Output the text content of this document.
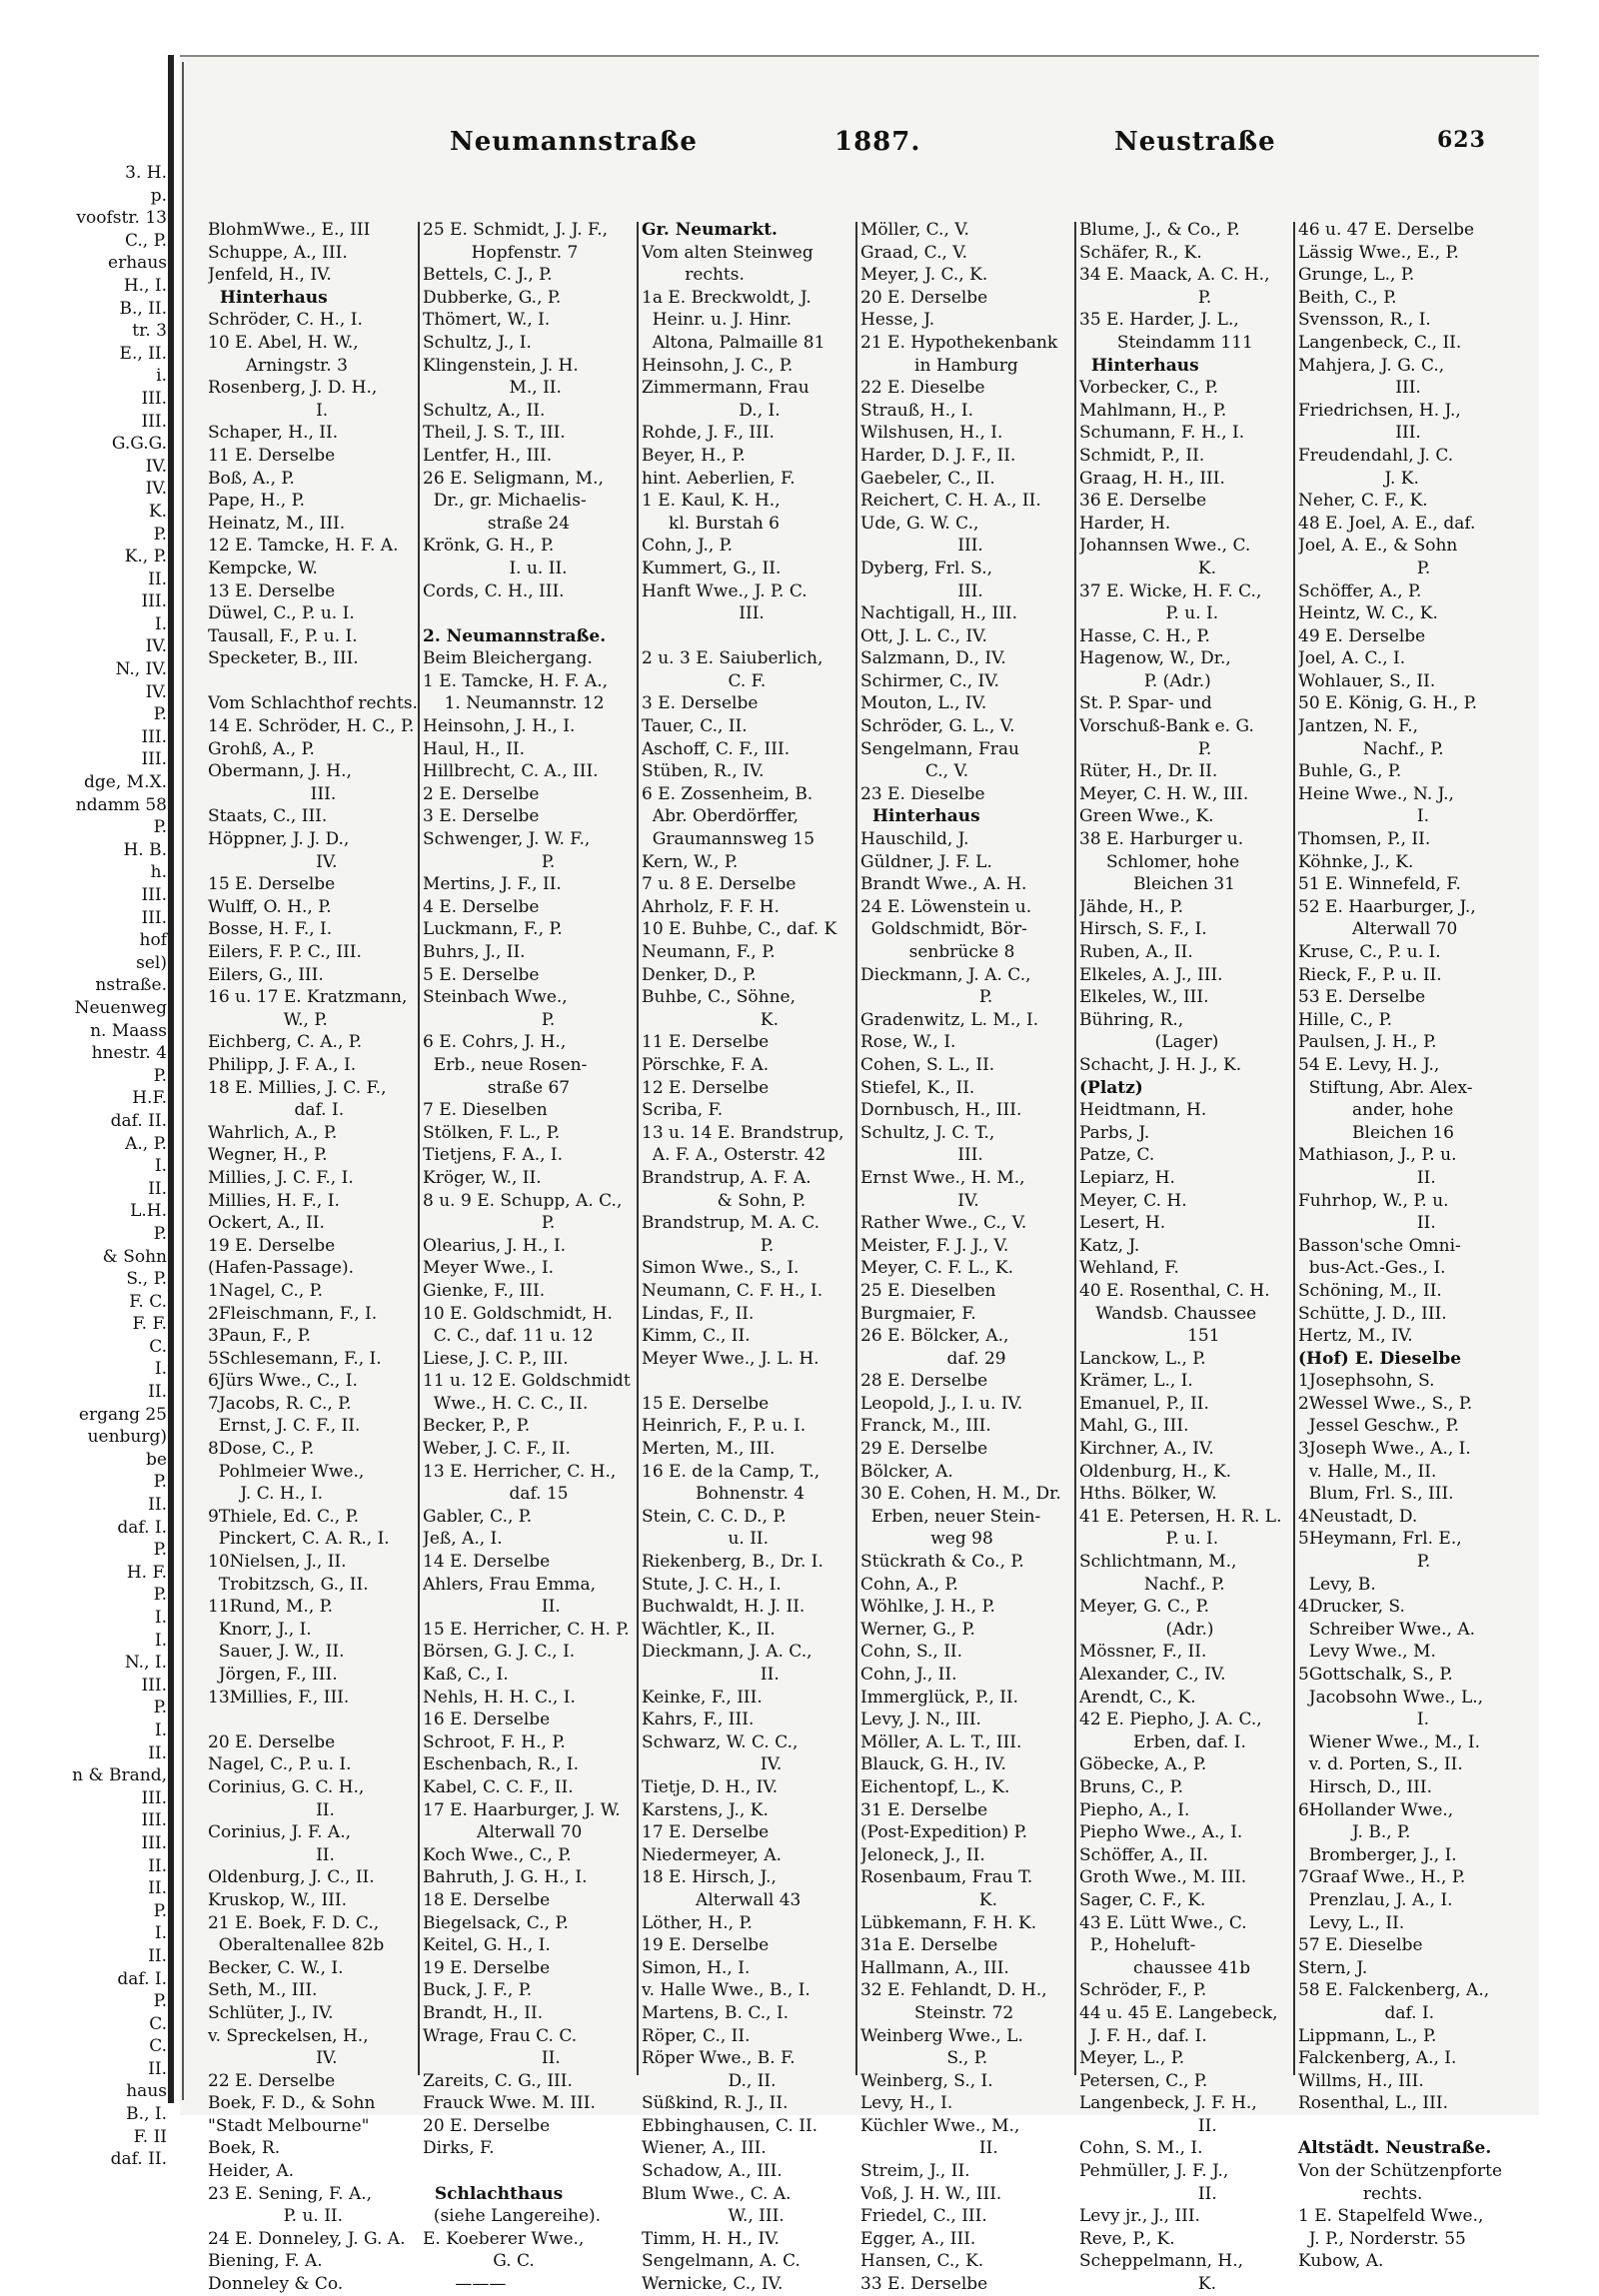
3. H.
p.
voofstr. 13
C., P.
erhaus
H., I.
B., II.
tr. 3
E., II.
i.
III.
III.
G.G.G.
IV.
IV.
K.
P.
K., P.
II.
III.
I.
IV.
N., IV.
IV.
P.
III.
III.
dge, M.X.
ndamm 58
P.
H. B.
h.
III.
III.
hof
sel)
nstraße.
Neuenweg
n. Maass
hnestr. 4
P.
H.F.
daf. II.
A., P.
I.
II.
L.H.
P.
& Sohn
S., P.
F. C.
F. F.
C.
I.
II.
ergang 25
uenburg)
be
P.
II.
daf. I.
P.
H. F.
P.
I.
I.
N., I.
III.
P.
I.
II.
n & Brand,
III.
III.
III.
II.
II.
P.
I.
II.
daf. I.
P.
C.
C.
II.
haus
B., I.
F. II
daf. II.
Neumannstraße	1887.	Neustraße	623
BlohmWwe., E., III
Schuppe, A., III.
Jenfeld, H., IV.
Hinterhaus
Schröder, C. H., I.
10 E. Abel, H. W.,
Arningstr. 3
Rosenberg, J. D. H.,
I.
Schaper, H., II.
11 E. Derselbe
Boß, A., P.
Pape, H., P.
Heinatz, M., III.
12 E. Tamcke, H. F. A.
Kempcke, W.
13 E. Derselbe
Düwel, C., P. u. I.
Tausall, F., P. u. I.
Specketer, B., III.
Vom Schlachthof rechts.
14 E. Schröder, H. C., P.
Grohß, A., P.
Obermann, J. H.,
III.
Staats, C., III.
Höppner, J. J. D.,
IV.
15 E. Derselbe
Wulff, O. H., P.
Bosse, H. F., I.
Eilers, F. P. C., III.
Eilers, G., III.
16 u. 17 E. Kratzmann,
W., P.
Eichberg, C. A., P.
Philipp, J. F. A., I.
18 E. Millies, J. C. F.,
daf. I.
Wahrlich, A., P.
Wegner, H., P.
Millies, J. C. F., I.
Millies, H. F., I.
Ockert, A., II.
19 E. Derselbe
(Hafen-Passage).
1Nagel, C., P.
2Fleischmann, F., I.
3Paun, F., P.
5Schlesemann, F., I.
6Jürs Wwe., C., I.
7Jacobs, R. C., P.
Ernst, J. C. F., II.
8Dose, C., P.
Pohlmeier Wwe.,
J. C. H., I.
9Thiele, Ed. C., P.
Pinckert, C. A. R., I.
10Nielsen, J., II.
Trobitzsch, G., II.
11Rund, M., P.
Knorr, J., I.
Sauer, J. W., II.
Jörgen, F., III.
13Millies, F., III.
20 E. Derselbe
Nagel, C., P. u. I.
Corinius, G. C. H.,
II.
Corinius, J. F. A.,
II.
Oldenburg, J. C., II.
Kruskop, W., III.
21 E. Boek, F. D. C.,
Oberaltenallee 82b
Becker, C. W., I.
Seth, M., III.
Schlüter, J., IV.
v. Spreckelsen, H.,
IV.
22 E. Derselbe
Boek, F. D., & Sohn
"Stadt Melbourne"
Boek, R.
Heider, A.
23 E. Sening, F. A.,
P. u. II.
24 E. Donneley, J. G. A.
Biening, F. A.
Donneley & Co.
25 E. Schmidt, J. J. F.,
Hopfenstr. 7
Bettels, C. J., P.
Dubberke, G., P.
Thömert, W., I.
Schultz, J., I.
Klingenstein, J. H.
M., II.
Schultz, A., II.
Theil, J. S. T., III.
Lentfer, H., III.
26 E. Seligmann, M.,
Dr., gr. Michaelis-
straße 24
Krönk, G. H., P.
I. u. II.
Cords, C. H., III.
2. Neumannstraße.
Beim Bleichergang.
1 E. Tamcke, H. F. A.,
1. Neumannstr. 12
Heinsohn, J. H., I.
Haul, H., II.
Hillbrecht, C. A., III.
2 E. Derselbe
3 E. Derselbe
Schwenger, J. W. F.,
P.
Mertins, J. F., II.
4 E. Derselbe
Luckmann, F., P.
Buhrs, J., II.
5 E. Derselbe
Steinbach Wwe.,
P.
6 E. Cohrs, J. H.,
Erb., neue Rosen-
straße 67
7 E. Dieselben
Stölken, F. L., P.
Tietjens, F. A., I.
Kröger, W., II.
8 u. 9 E. Schupp, A. C.,
P.
Olearius, J. H., I.
Meyer Wwe., I.
Gienke, F., III.
10 E. Goldschmidt, H.
C. C., daf. 11 u. 12
Liese, J. C. P., III.
11 u. 12 E. Goldschmidt
Wwe., H. C. C., II.
Becker, P., P.
Weber, J. C. F., II.
13 E. Herricher, C. H.,
daf. 15
Gabler, C., P.
Jeß, A., I.
14 E. Derselbe
Ahlers, Frau Emma,
II.
15 E. Herricher, C. H. P.
Börsen, G. J. C., I.
Kaß, C., I.
Nehls, H. H. C., I.
16 E. Derselbe
Schroot, F. H., P.
Eschenbach, R., I.
Kabel, C. C. F., II.
17 E. Haarburger, J. W.
Alterwall 70
Koch Wwe., C., P.
Bahruth, J. G. H., I.
18 E. Derselbe
Biegelsack, C., P.
Keitel, G. H., I.
19 E. Derselbe
Buck, J. F., P.
Brandt, H., II.
Wrage, Frau C. C.
II.
Zareits, C. G., III.
Frauck Wwe. M. III.
20 E. Derselbe
Dirks, F.
Schlachthaus
(siehe Langereihe).
E. Koeberer Wwe.,
G. C.
———
Gr. Neumarkt.
Vom alten Steinweg
rechts.
1a E. Breckwoldt, J.
Heinr. u. J. Hinr.
Altona, Palmaille 81
Heinsohn, J. C., P.
Zimmermann, Frau
D., I.
Rohde, J. F., III.
Beyer, H., P.
hint. Aeberlien, F.
1 E. Kaul, K. H.,
kl. Burstah 6
Cohn, J., P.
Kummert, G., II.
Hanft Wwe., J. P. C.
III.
2 u. 3 E. Saiuberlich,
C. F.
3 E. Derselbe
Tauer, C., II.
Aschoff, C. F., III.
Stüben, R., IV.
6 E. Zossenheim, B.
Abr. Oberdörffer,
Graumannsweg 15
Kern, W., P.
7 u. 8 E. Derselbe
Ahrholz, F. F. H.
10 E. Buhbe, C., daf. K
Neumann, F., P.
Denker, D., P.
Buhbe, C., Söhne,
K.
11 E. Derselbe
Pörschke, F. A.
12 E. Derselbe
Scriba, F.
13 u. 14 E. Brandstrup,
A. F. A., Osterstr. 42
Brandstrup, A. F. A.
& Sohn, P.
Brandstrup, M. A. C.
P.
Simon Wwe., S., I.
Neumann, C. F. H., I.
Lindas, F., II.
Kimm, C., II.
Meyer Wwe., J. L. H.
15 E. Derselbe
Heinrich, F., P. u. I.
Merten, M., III.
16 E. de la Camp, T.,
Bohnenstr. 4
Stein, C. C. D., P.
u. II.
Riekenberg, B., Dr. I.
Stute, J. C. H., I.
Buchwaldt, H. J. II.
Wächtler, K., II.
Dieckmann, J. A. C.,
II.
Keinke, F., III.
Kahrs, F., III.
Schwarz, W. C. C.,
IV.
Tietje, D. H., IV.
Karstens, J., K.
17 E. Derselbe
Niedermeyer, A.
18 E. Hirsch, J.,
Alterwall 43
Löther, H., P.
19 E. Derselbe
Simon, H., I.
v. Halle Wwe., B., I.
Martens, B. C., I.
Röper, C., II.
Röper Wwe., B. F.
D., II.
Süßkind, R. J., II.
Ebbinghausen, C. II.
Wiener, A., III.
Schadow, A., III.
Blum Wwe., C. A.
W., III.
Timm, H. H., IV.
Sengelmann, A. C.
Wernicke, C., IV.
Möller, C., V.
Graad, C., V.
Meyer, J. C., K.
20 E. Derselbe
Hesse, J.
21 E. Hypothekenbank
in Hamburg
22 E. Dieselbe
Strauß, H., I.
Wilshusen, H., I.
Harder, D. J. F., II.
Gaebeler, C., II.
Reichert, C. H. A., II.
Ude, G. W. C.,
III.
Dyberg, Frl. S.,
III.
Nachtigall, H., III.
Ott, J. L. C., IV.
Salzmann, D., IV.
Schirmer, C., IV.
Mouton, L., IV.
Schröder, G. L., V.
Sengelmann, Frau
C., V.
23 E. Dieselbe
Hinterhaus
Hauschild, J.
Güldner, J. F. L.
Brandt Wwe., A. H.
24 E. Löwenstein u.
Goldschmidt, Bör-
senbrücke 8
Dieckmann, J. A. C.,
P.
Gradenwitz, L. M., I.
Rose, W., I.
Cohen, S. L., II.
Stiefel, K., II.
Dornbusch, H., III.
Schultz, J. C. T.,
III.
Ernst Wwe., H. M.,
IV.
Rather Wwe., C., V.
Meister, F. J. J., V.
Meyer, C. F. L., K.
25 E. Dieselben
Burgmaier, F.
26 E. Bölcker, A.,
daf. 29
28 E. Derselbe
Leopold, J., I. u. IV.
Franck, M., III.
29 E. Derselbe
Bölcker, A.
30 E. Cohen, H. M., Dr.
Erben, neuer Stein-
weg 98
Stückrath & Co., P.
Cohn, A., P.
Wöhlke, J. H., P.
Werner, G., P.
Cohn, S., II.
Cohn, J., II.
Immerglück, P., II.
Levy, J. N., III.
Möller, A. L. T., III.
Blauck, G. H., IV.
Eichentopf, L., K.
31 E. Derselbe
(Post-Expedition) P.
Jeloneck, J., II.
Rosenbaum, Frau T.
K.
Lübkemann, F. H. K.
31a E. Derselbe
Hallmann, A., III.
32 E. Fehlandt, D. H.,
Steinstr. 72
Weinberg Wwe., L.
S., P.
Weinberg, S., I.
Levy, H., I.
Küchler Wwe., M.,
II.
Streim, J., II.
Voß, J. H. W., III.
Friedel, C., III.
Egger, A., III.
Hansen, C., K.
33 E. Derselbe
Blume, J., & Co., P.
Schäfer, R., K.
34 E. Maack, A. C. H.,
P.
35 E. Harder, J. L.,
Steindamm 111
Hinterhaus
Vorbecker, C., P.
Mahlmann, H., P.
Schumann, F. H., I.
Schmidt, P., II.
Graag, H. H., III.
36 E. Derselbe
Harder, H.
Johannsen Wwe., C.
K.
37 E. Wicke, H. F. C.,
P. u. I.
Hasse, C. H., P.
Hagenow, W., Dr.,
P. (Adr.)
St. P. Spar- und
Vorschuß-Bank e. G.
P.
Rüter, H., Dr. II.
Meyer, C. H. W., III.
Green Wwe., K.
38 E. Harburger u.
Schlomer, hohe
Bleichen 31
Jähde, H., P.
Hirsch, S. F., I.
Ruben, A., II.
Elkeles, A. J., III.
Elkeles, W., III.
Bühring, R.,
(Lager)
Schacht, J. H. J., K.
(Platz)
Heidtmann, H.
Parbs, J.
Patze, C.
Lepiarz, H.
Meyer, C. H.
Lesert, H.
Katz, J.
Wehland, F.
40 E. Rosenthal, C. H.
Wandsb. Chaussee
151
Lanckow, L., P.
Krämer, L., I.
Emanuel, P., II.
Mahl, G., III.
Kirchner, A., IV.
Oldenburg, H., K.
Hths. Bölker, W.
41 E. Petersen, H. R. L.
P. u. I.
Schlichtmann, M.,
Nachf., P.
Meyer, G. C., P.
(Adr.)
Mössner, F., II.
Alexander, C., IV.
Arendt, C., K.
42 E. Piepho, J. A. C.,
Erben, daf. I.
Göbecke, A., P.
Bruns, C., P.
Piepho, A., I.
Piepho Wwe., A., I.
Schöffer, A., II.
Groth Wwe., M. III.
Sager, C. F., K.
43 E. Lütt Wwe., C.
P., Hoheluft-
chaussee 41b
Schröder, F., P.
44 u. 45 E. Langebeck,
J. F. H., daf. I.
Meyer, L., P.
Petersen, C., P.
Langenbeck, J. F. H.,
II.
Cohn, S. M., I.
Pehmüller, J. F. J.,
II.
Levy jr., J., III.
Reve, P., K.
Scheppelmann, H.,
K.
46 u. 47 E. Derselbe
Lässig Wwe., E., P.
Grunge, L., P.
Beith, C., P.
Svensson, R., I.
Langenbeck, C., II.
Mahjera, J. G. C.,
III.
Friedrichsen, H. J.,
III.
Freudendahl, J. C.
J. K.
Neher, C. F., K.
48 E. Joel, A. E., daf.
Joel, A. E., & Sohn
P.
Schöffer, A., P.
Heintz, W. C., K.
49 E. Derselbe
Joel, A. C., I.
Wohlauer, S., II.
50 E. König, G. H., P.
Jantzen, N. F.,
Nachf., P.
Buhle, G., P.
Heine Wwe., N. J.,
I.
Thomsen, P., II.
Köhnke, J., K.
51 E. Winnefeld, F.
52 E. Haarburger, J.,
Alterwall 70
Kruse, C., P. u. I.
Rieck, F., P. u. II.
53 E. Derselbe
Hille, C., P.
Paulsen, J. H., P.
54 E. Levy, H. J.,
Stiftung, Abr. Alex-
ander, hohe
Bleichen 16
Mathiason, J., P. u.
II.
Fuhrhop, W., P. u.
II.
Basson'sche Omni-
bus-Act.-Ges., I.
Schöning, M., II.
Schütte, J. D., III.
Hertz, M., IV.
(Hof) E. Dieselbe
1Josephsohn, S.
2Wessel Wwe., S., P.
Jessel Geschw., P.
3Joseph Wwe., A., I.
v. Halle, M., II.
Blum, Frl. S., III.
4Neustadt, D.
5Heymann, Frl. E.,
P.
Levy, B.
4Drucker, S.
Schreiber Wwe., A.
Levy Wwe., M.
5Gottschalk, S., P.
Jacobsohn Wwe., L.,
I.
Wiener Wwe., M., I.
v. d. Porten, S., II.
Hirsch, D., III.
6Hollander Wwe.,
J. B., P.
Bromberger, J., I.
7Graaf Wwe., H., P.
Prenzlau, J. A., I.
Levy, L., II.
57 E. Dieselbe
Stern, J.
58 E. Falckenberg, A.,
daf. I.
Lippmann, L., P.
Falckenberg, A., I.
Willms, H., III.
Rosenthal, L., III.
Altstädt. Neustraße.
Von der Schützenpforte
rechts.
1 E. Stapelfeld Wwe.,
J. P., Norderstr. 55
Kubow, A.
